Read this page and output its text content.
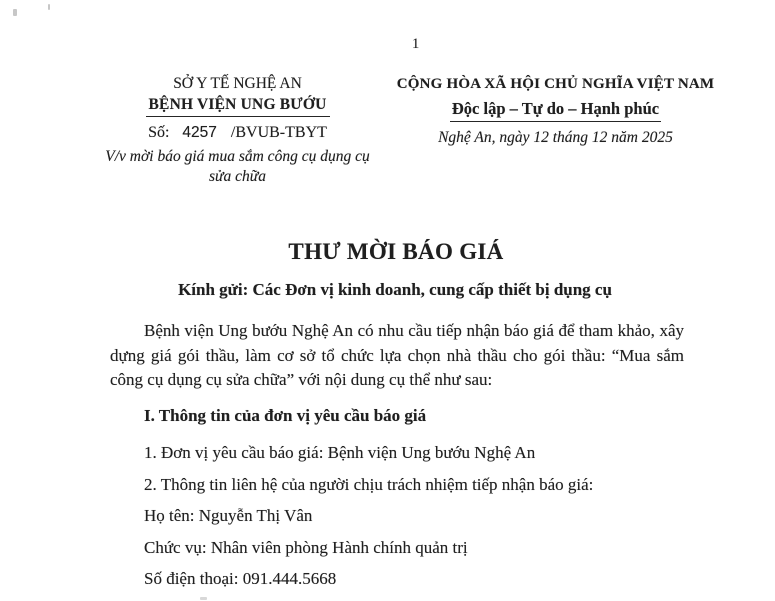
1
SỞ Y TẾ NGHỆ AN
BỆNH VIỆN UNG BƯỚU
Số: 4257 /BVUB-TBYT
V/v mời báo giá mua sắm công cụ dụng cụ sửa chữa
CỘNG HÒA XÃ HỘI CHỦ NGHĨA VIỆT NAM
Độc lập – Tự do – Hạnh phúc
Nghệ An, ngày 12 tháng 12 năm 2025
THƯ MỜI BÁO GIÁ
Kính gửi: Các Đơn vị kinh doanh, cung cấp thiết bị dụng cụ
Bệnh viện Ung bướu Nghệ An có nhu cầu tiếp nhận báo giá để tham khảo, xây dựng giá gói thầu, làm cơ sở tổ chức lựa chọn nhà thầu cho gói thầu: “Mua sắm công cụ dụng cụ sửa chữa” với nội dung cụ thể như sau:
I. Thông tin của đơn vị yêu cầu báo giá
1. Đơn vị yêu cầu báo giá: Bệnh viện Ung bướu Nghệ An
2. Thông tin liên hệ của người chịu trách nhiệm tiếp nhận báo giá:
Họ tên: Nguyễn Thị Vân
Chức vụ: Nhân viên phòng Hành chính quản trị
Số điện thoại: 091.444.5668
